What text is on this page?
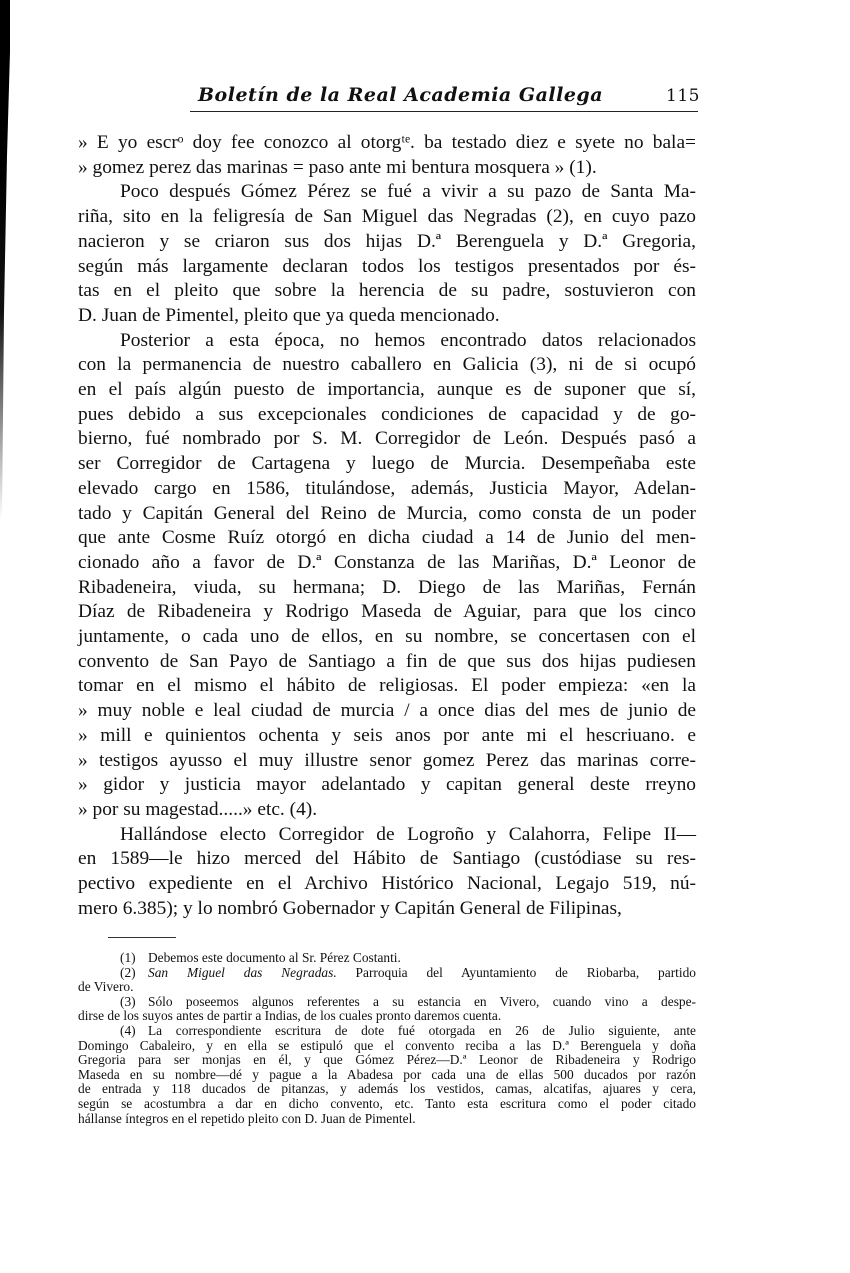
Boletín de la Real Academia Gallega	115
» E yo escrᵒ doy fee conozco al otorgᵗᵉ. ba testado diez e syete no bala=
» gomez perez das marinas = paso ante mi bentura mosquera » (1).
Poco después Gómez Pérez se fué a vivir a su pazo de Santa Ma-
riña, sito en la feligresía de San Miguel das Negradas (2), en cuyo pazo
nacieron y se criaron sus dos hijas D.ª Berenguela y D.ª Gregoria,
según más largamente declaran todos los testigos presentados por és-
tas en el pleito que sobre la herencia de su padre, sostuvieron con
D. Juan de Pimentel, pleito que ya queda mencionado.
Posterior a esta época, no hemos encontrado datos relacionados
con la permanencia de nuestro caballero en Galicia (3), ni de si ocupó
en el país algún puesto de importancia, aunque es de suponer que sí,
pues debido a sus excepcionales condiciones de capacidad y de go-
bierno, fué nombrado por S. M. Corregidor de León. Después pasó a
ser Corregidor de Cartagena y luego de Murcia. Desempeñaba este
elevado cargo en 1586, titulándose, además, Justicia Mayor, Adelan-
tado y Capitán General del Reino de Murcia, como consta de un poder
que ante Cosme Ruíz otorgó en dicha ciudad a 14 de Junio del men-
cionado año a favor de D.ª Constanza de las Mariñas, D.ª Leonor de
Ribadeneira, viuda, su hermana; D. Diego de las Mariñas, Fernán
Díaz de Ribadeneira y Rodrigo Maseda de Aguiar, para que los cinco
juntamente, o cada uno de ellos, en su nombre, se concertasen con el
convento de San Payo de Santiago a fin de que sus dos hijas pudiesen
tomar en el mismo el hábito de religiosas. El poder empieza: «en la
» muy noble e leal ciudad de murcia / a once dias del mes de junio de
» mill e quinientos ochenta y seis anos por ante mi el hescriuano. e
» testigos ayusso el muy illustre senor gomez Perez das marinas corre-
» gidor y justicia mayor adelantado y capitan general deste rreyno
» por su magestad.....» etc. (4).
Hallándose electo Corregidor de Logroño y Calahorra, Felipe II—
en 1589—le hizo merced del Hábito de Santiago (custódiase su res-
pectivo expediente en el Archivo Histórico Nacional, Legajo 519, nú-
mero 6.385); y lo nombró Gobernador y Capitán General de Filipinas,
(1) Debemos este documento al Sr. Pérez Costanti.
(2) San Miguel das Negradas. Parroquia del Ayuntamiento de Riobarba, partido
de Vivero.
(3) Sólo poseemos algunos referentes a su estancia en Vivero, cuando vino a despe-
dirse de los suyos antes de partir a Indias, de los cuales pronto daremos cuenta.
(4) La correspondiente escritura de dote fué otorgada en 26 de Julio siguiente, ante
Domingo Cabaleiro, y en ella se estipuló que el convento reciba a las D.ª Berenguela y doña
Gregoria para ser monjas en él, y que Gómez Pérez—D.ª Leonor de Ribadeneira y Rodrigo
Maseda en su nombre—dé y pague a la Abadesa por cada una de ellas 500 ducados por razón
de entrada y 118 ducados de pitanzas, y además los vestidos, camas, alcatifas, ajuares y cera,
según se acostumbra a dar en dicho convento, etc. Tanto esta escritura como el poder citado
hállanse íntegros en el repetido pleito con D. Juan de Pimentel.
